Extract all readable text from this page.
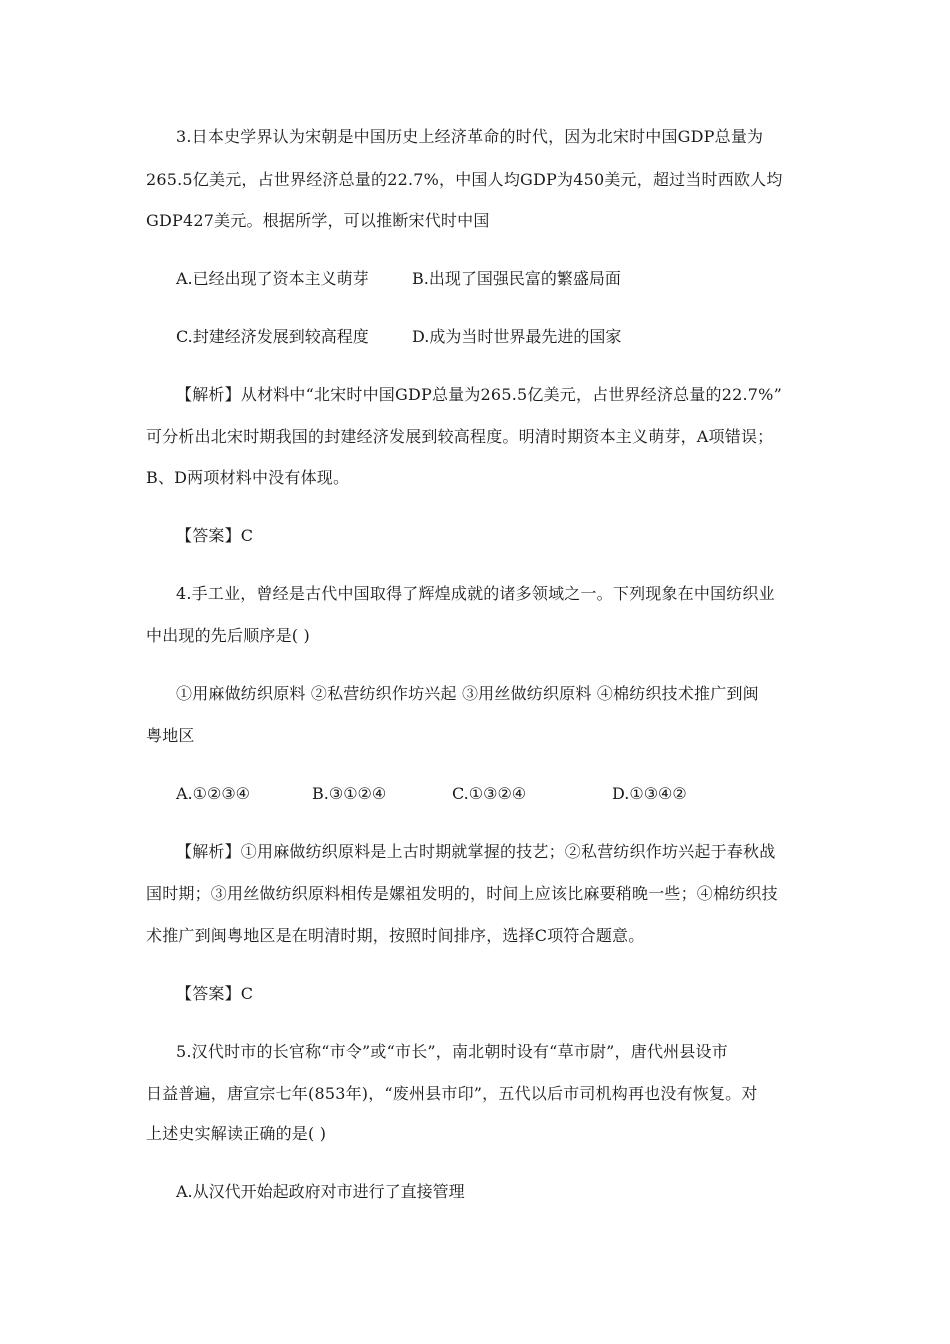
3.日本史学界认为宋朝是中国历史上经济革命的时代，因为北宋时中国GDP总量为
265.5亿美元，占世界经济总量的22.7%，中国人均GDP为450美元，超过当时西欧人均
GDP427美元。根据所学，可以推断宋代时中国
A.已经出现了资本主义萌芽	B.出现了国强民富的繁盛局面
C.封建经济发展到较高程度	D.成为当时世界最先进的国家
【解析】从材料中“北宋时中国GDP总量为265.5亿美元，占世界经济总量的22.7%”
可分析出北宋时期我国的封建经济发展到较高程度。明清时期资本主义萌芽，A项错误；
B、D两项材料中没有体现。
【答案】C
4.手工业，曾经是古代中国取得了辉煌成就的诸多领域之一。下列现象在中国纺织业
中出现的先后顺序是( )
①用麻做纺织原料 ②私营纺织作坊兴起 ③用丝做纺织原料 ④棉纺织技术推广到闽
粤地区
A.①②③④	B.③①②④	C.①③②④	D.①③④②
【解析】①用麻做纺织原料是上古时期就掌握的技艺；②私营纺织作坊兴起于春秋战
国时期；③用丝做纺织原料相传是嫘祖发明的，时间上应该比麻要稍晚一些；④棉纺织技
术推广到闽粤地区是在明清时期，按照时间排序，选择C项符合题意。
【答案】C
5.汉代时市的长官称“市令”或“市长”，南北朝时设有“草市尉”，唐代州县设市
日益普遍，唐宣宗七年(853年)，“废州县市印”，五代以后市司机构再也没有恢复。对
上述史实解读正确的是( )
A.从汉代开始起政府对市进行了直接管理
